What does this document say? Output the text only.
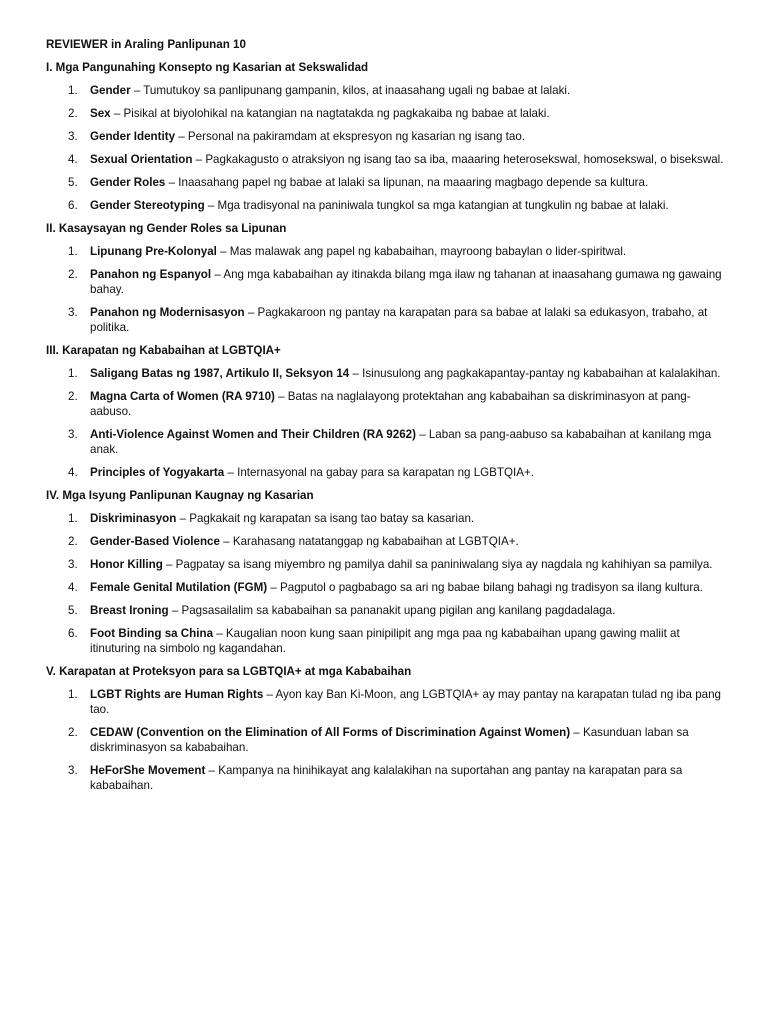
REVIEWER in Araling Panlipunan 10
I. Mga Pangunahing Konsepto ng Kasarian at Sekswalidad
1.	Gender – Tumutukoy sa panlipunang gampanin, kilos, at inaasahang ugali ng babae at lalaki.
2.	Sex – Pisikal at biyolohikal na katangian na nagtatakda ng pagkakaiba ng babae at lalaki.
3.	Gender Identity – Personal na pakiramdam at ekspresyon ng kasarian ng isang tao.
4.	Sexual Orientation – Pagkakagusto o atraksiyon ng isang tao sa iba, maaaring heterosekswal, homosekswal, o bisekswal.
5.	Gender Roles – Inaasahang papel ng babae at lalaki sa lipunan, na maaaring magbago depende sa kultura.
6.	Gender Stereotyping – Mga tradisyonal na paniniwala tungkol sa mga katangian at tungkulin ng babae at lalaki.
II. Kasaysayan ng Gender Roles sa Lipunan
1.	Lipunang Pre-Kolonyal – Mas malawak ang papel ng kababaihan, mayroong babaylan o lider-spiritwal.
2.	Panahon ng Espanyol – Ang mga kababaihan ay itinakda bilang mga ilaw ng tahanan at inaasahang gumawa ng gawaing bahay.
3.	Panahon ng Modernisasyon – Pagkakaroon ng pantay na karapatan para sa babae at lalaki sa edukasyon, trabaho, at politika.
III. Karapatan ng Kababaihan at LGBTQIA+
1.	Saligang Batas ng 1987, Artikulo II, Seksyon 14 – Isinusulong ang pagkakapantay-pantay ng kababaihan at kalalakihan.
2.	Magna Carta of Women (RA 9710) – Batas na naglalayong protektahan ang kababaihan sa diskriminasyon at pang-aabuso.
3.	Anti-Violence Against Women and Their Children (RA 9262) – Laban sa pang-aabuso sa kababaihan at kanilang mga anak.
4.	Principles of Yogyakarta – Internasyonal na gabay para sa karapatan ng LGBTQIA+.
IV. Mga Isyung Panlipunan Kaugnay ng Kasarian
1.	Diskriminasyon – Pagkakait ng karapatan sa isang tao batay sa kasarian.
2.	Gender-Based Violence – Karahasang natatanggap ng kababaihan at LGBTQIA+.
3.	Honor Killing – Pagpatay sa isang miyembro ng pamilya dahil sa paniniwalang siya ay nagdala ng kahihiyan sa pamilya.
4.	Female Genital Mutilation (FGM) – Pagputol o pagbabago sa ari ng babae bilang bahagi ng tradisyon sa ilang kultura.
5.	Breast Ironing – Pagsasailalim sa kababaihan sa pananakit upang pigilan ang kanilang pagdadalaga.
6.	Foot Binding sa China – Kaugalian noon kung saan pinipilipit ang mga paa ng kababaihan upang gawing maliit at itinuturing na simbolo ng kagandahan.
V. Karapatan at Proteksyon para sa LGBTQIA+ at mga Kababaihan
1.	LGBT Rights are Human Rights – Ayon kay Ban Ki-Moon, ang LGBTQIA+ ay may pantay na karapatan tulad ng iba pang tao.
2.	CEDAW (Convention on the Elimination of All Forms of Discrimination Against Women) – Kasunduan laban sa diskriminasyon sa kababaihan.
3.	HeForShe Movement – Kampanya na hinihikayat ang kalalakihan na suportahan ang pantay na karapatan para sa kababaihan.
